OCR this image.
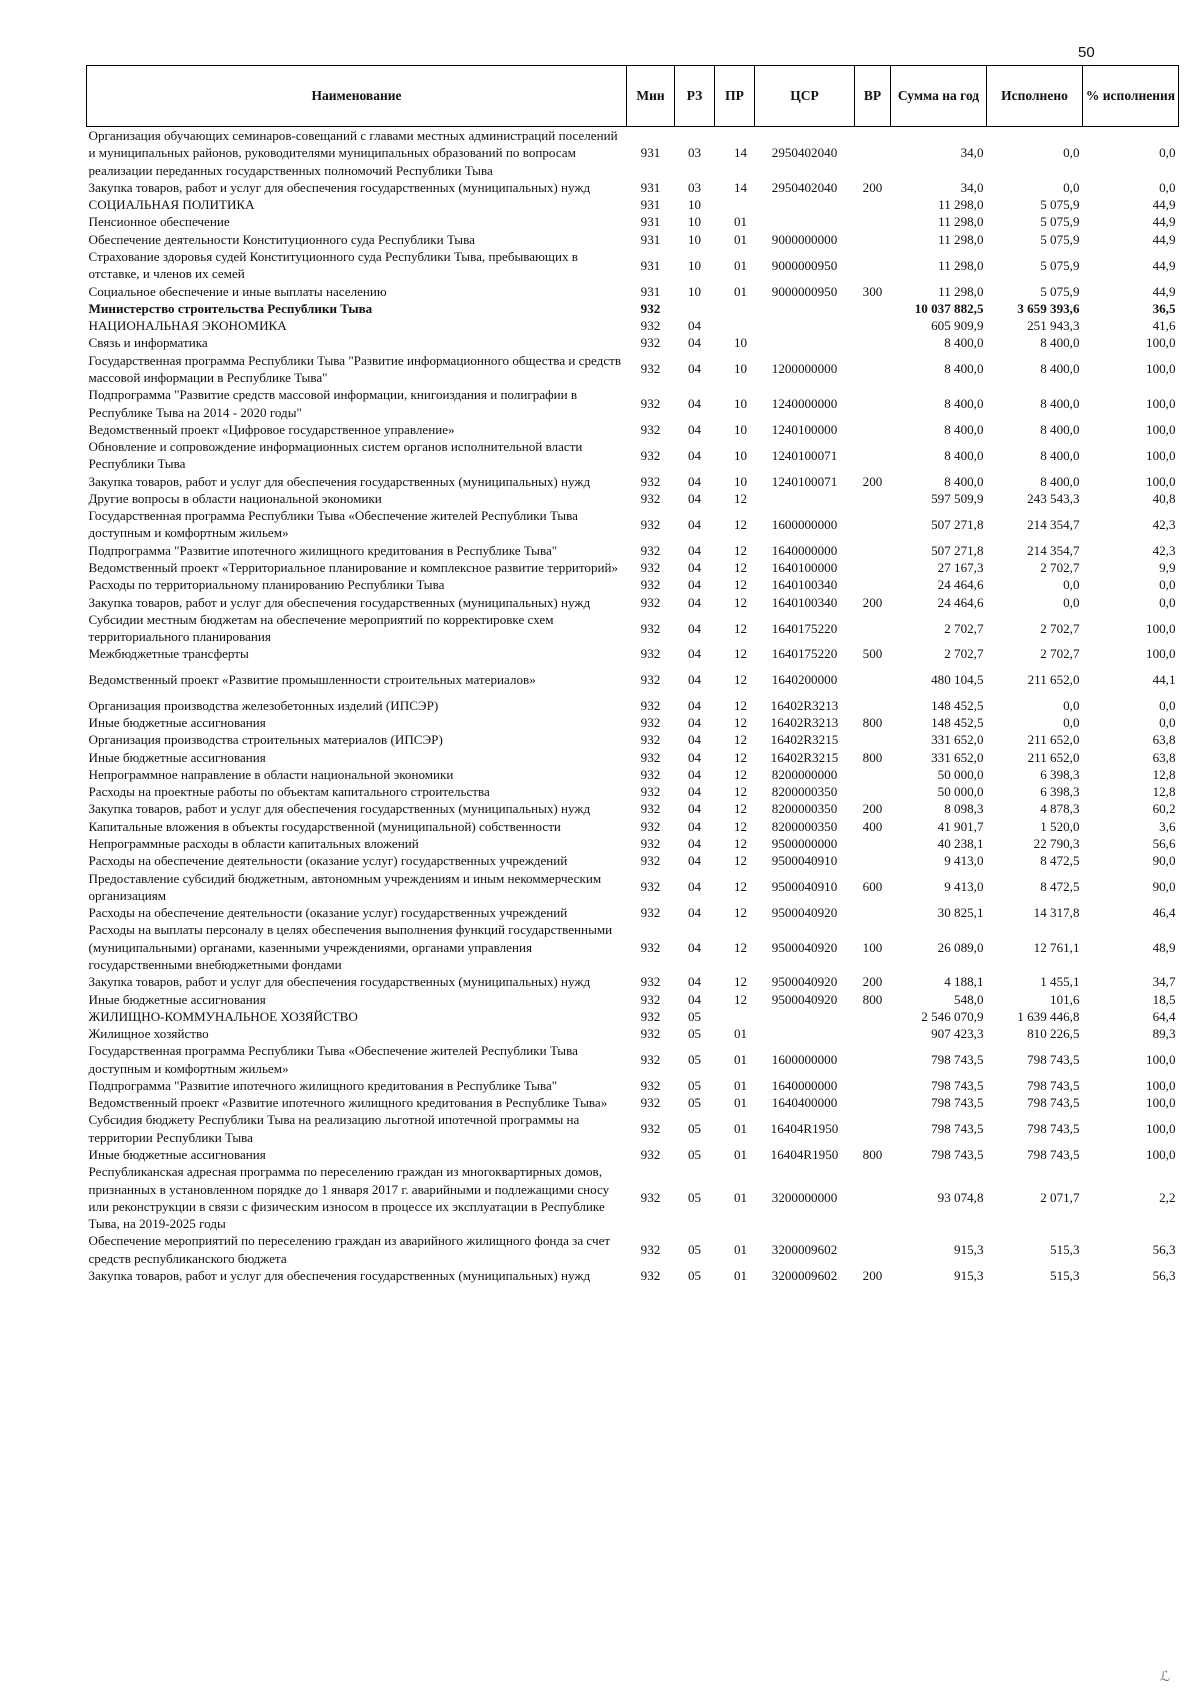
50
Наименование	Мин	РЗ	ПР	ЦСР	ВР	Сумма на год	Исполнено	% исполнения
Организация обучающих семинаров-совещаний с главами местных администраций поселений и муниципальных районов, руководителями муниципальных образований по вопросам реализации переданных государственных полномочий Республики Тыва	931	03	14	2950402040		34,0	0,0	0,0
Закупка товаров, работ и услуг для обеспечения государственных (муниципальных) нужд	931	03	14	2950402040	200	34,0	0,0	0,0
СОЦИАЛЬНАЯ ПОЛИТИКА	931	10				11 298,0	5 075,9	44,9
Пенсионное обеспечение	931	10	01			11 298,0	5 075,9	44,9
Обеспечение деятельности Конституционного суда Республики Тыва	931	10	01	9000000000		11 298,0	5 075,9	44,9
Страхование здоровья судей Конституционного суда Республики Тыва, пребывающих в отставке, и членов их семей	931	10	01	9000000950		11 298,0	5 075,9	44,9
Социальное обеспечение и иные выплаты населению	931	10	01	9000000950	300	11 298,0	5 075,9	44,9
Министерство строительства Республики Тыва	932					10 037 882,5	3 659 393,6	36,5
НАЦИОНАЛЬНАЯ ЭКОНОМИКА	932	04				605 909,9	251 943,3	41,6
Связь и информатика	932	04	10			8 400,0	8 400,0	100,0
Государственная программа Республики Тыва "Развитие информационного общества и средств массовой информации в Республике Тыва"	932	04	10	1200000000		8 400,0	8 400,0	100,0
Подпрограмма "Развитие средств массовой информации, книгоиздания и полиграфии в Республике Тыва на 2014 - 2020 годы"	932	04	10	1240000000		8 400,0	8 400,0	100,0
Ведомственный проект «Цифровое государственное управление»	932	04	10	1240100000		8 400,0	8 400,0	100,0
Обновление и сопровождение информационных систем органов исполнительной власти Республики Тыва	932	04	10	1240100071		8 400,0	8 400,0	100,0
Закупка товаров, работ и услуг для обеспечения государственных (муниципальных) нужд	932	04	10	1240100071	200	8 400,0	8 400,0	100,0
Другие вопросы в области национальной экономики	932	04	12			597 509,9	243 543,3	40,8
Государственная программа Республики Тыва «Обеспечение жителей Республики Тыва доступным и комфортным жильем»	932	04	12	1600000000		507 271,8	214 354,7	42,3
Подпрограмма "Развитие ипотечного жилищного кредитования в Республике Тыва"	932	04	12	1640000000		507 271,8	214 354,7	42,3
Ведомственный проект «Территориальное планирование и комплексное развитие территорий»	932	04	12	1640100000		27 167,3	2 702,7	9,9
Расходы по территориальному планированию Республики Тыва	932	04	12	1640100340		24 464,6	0,0	0,0
Закупка товаров, работ и услуг для обеспечения государственных (муниципальных) нужд	932	04	12	1640100340	200	24 464,6	0,0	0,0
Субсидии местным бюджетам на обеспечение мероприятий по корректировке схем территориального планирования	932	04	12	1640175220		2 702,7	2 702,7	100,0
Межбюджетные трансферты	932	04	12	1640175220	500	2 702,7	2 702,7	100,0
Ведомственный проект «Развитие промышленности строительных материалов»	932	04	12	1640200000		480 104,5	211 652,0	44,1
Организация производства железобетонных изделий (ИПСЭР)	932	04	12	16402R3213		148 452,5	0,0	0,0
Иные бюджетные ассигнования	932	04	12	16402R3213	800	148 452,5	0,0	0,0
Организация производства строительных материалов (ИПСЭР)	932	04	12	16402R3215		331 652,0	211 652,0	63,8
Иные бюджетные ассигнования	932	04	12	16402R3215	800	331 652,0	211 652,0	63,8
Непрограммное направление в области национальной экономики	932	04	12	8200000000		50 000,0	6 398,3	12,8
Расходы на проектные работы по объектам капитального строительства	932	04	12	8200000350		50 000,0	6 398,3	12,8
Закупка товаров, работ и услуг для обеспечения государственных (муниципальных) нужд	932	04	12	8200000350	200	8 098,3	4 878,3	60,2
Капитальные вложения в объекты государственной (муниципальной) собственности	932	04	12	8200000350	400	41 901,7	1 520,0	3,6
Непрограммные расходы в области капитальных вложений	932	04	12	9500000000		40 238,1	22 790,3	56,6
Расходы на обеспечение деятельности (оказание услуг) государственных учреждений	932	04	12	9500040910		9 413,0	8 472,5	90,0
Предоставление субсидий бюджетным, автономным учреждениям и иным некоммерческим организациям	932	04	12	9500040910	600	9 413,0	8 472,5	90,0
Расходы на обеспечение деятельности (оказание услуг) государственных учреждений	932	04	12	9500040920		30 825,1	14 317,8	46,4
Расходы на выплаты персоналу в целях обеспечения выполнения функций государственными (муниципальными) органами, казенными учреждениями, органами управления государственными внебюджетными фондами	932	04	12	9500040920	100	26 089,0	12 761,1	48,9
Закупка товаров, работ и услуг для обеспечения государственных (муниципальных) нужд	932	04	12	9500040920	200	4 188,1	1 455,1	34,7
Иные бюджетные ассигнования	932	04	12	9500040920	800	548,0	101,6	18,5
ЖИЛИЩНО-КОММУНАЛЬНОЕ ХОЗЯЙСТВО	932	05				2 546 070,9	1 639 446,8	64,4
Жилищное хозяйство	932	05	01			907 423,3	810 226,5	89,3
Государственная программа Республики Тыва «Обеспечение жителей Республики Тыва доступным и комфортным жильем»	932	05	01	1600000000		798 743,5	798 743,5	100,0
Подпрограмма "Развитие ипотечного жилищного кредитования в Республике Тыва"	932	05	01	1640000000		798 743,5	798 743,5	100,0
Ведомственный проект «Развитие ипотечного жилищного кредитования в Республике Тыва»	932	05	01	1640400000		798 743,5	798 743,5	100,0
Субсидия бюджету Республики Тыва на реализацию льготной ипотечной программы на территории Республики Тыва	932	05	01	16404R1950		798 743,5	798 743,5	100,0
Иные бюджетные ассигнования	932	05	01	16404R1950	800	798 743,5	798 743,5	100,0
Республиканская адресная программа по переселению граждан из многоквартирных домов, признанных в установленном порядке до 1 января 2017 г. аварийными и подлежащими сносу или реконструкции в связи с физическим износом в процессе их эксплуатации в Республике Тыва, на 2019-2025 годы	932	05	01	3200000000		93 074,8	2 071,7	2,2
Обеспечение мероприятий по переселению граждан из аварийного жилищного фонда за счет средств республиканского бюджета	932	05	01	3200009602		915,3	515,3	56,3
Закупка товаров, работ и услуг для обеспечения государственных (муниципальных) нужд	932	05	01	3200009602	200	915,3	515,3	56,3
ℒ
